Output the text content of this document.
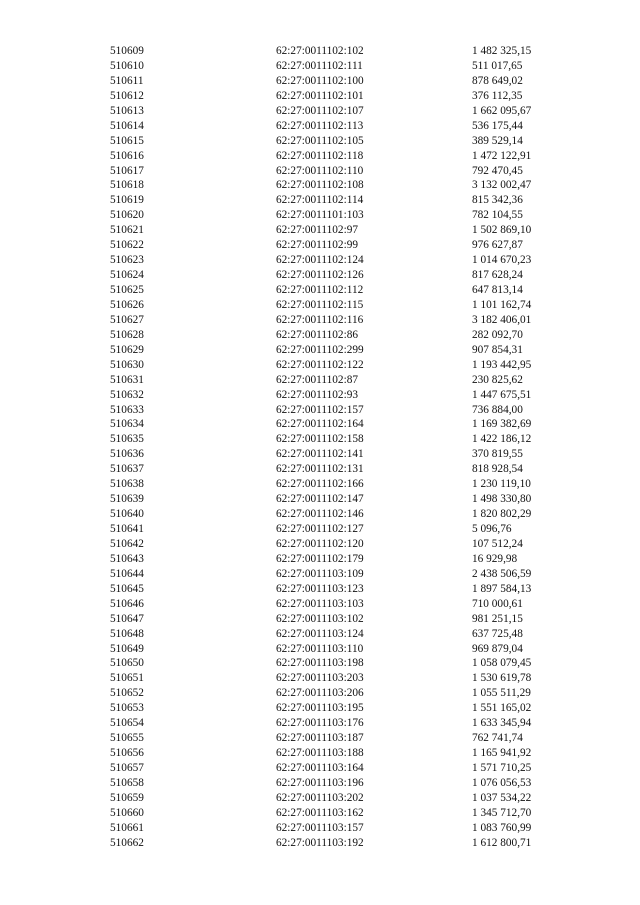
510609	62:27:0011102:102	1 482 325,15
510610	62:27:0011102:111	511 017,65
510611	62:27:0011102:100	878 649,02
510612	62:27:0011102:101	376 112,35
510613	62:27:0011102:107	1 662 095,67
510614	62:27:0011102:113	536 175,44
510615	62:27:0011102:105	389 529,14
510616	62:27:0011102:118	1 472 122,91
510617	62:27:0011102:110	792 470,45
510618	62:27:0011102:108	3 132 002,47
510619	62:27:0011102:114	815 342,36
510620	62:27:0011101:103	782 104,55
510621	62:27:0011102:97	1 502 869,10
510622	62:27:0011102:99	976 627,87
510623	62:27:0011102:124	1 014 670,23
510624	62:27:0011102:126	817 628,24
510625	62:27:0011102:112	647 813,14
510626	62:27:0011102:115	1 101 162,74
510627	62:27:0011102:116	3 182 406,01
510628	62:27:0011102:86	282 092,70
510629	62:27:0011102:299	907 854,31
510630	62:27:0011102:122	1 193 442,95
510631	62:27:0011102:87	230 825,62
510632	62:27:0011102:93	1 447 675,51
510633	62:27:0011102:157	736 884,00
510634	62:27:0011102:164	1 169 382,69
510635	62:27:0011102:158	1 422 186,12
510636	62:27:0011102:141	370 819,55
510637	62:27:0011102:131	818 928,54
510638	62:27:0011102:166	1 230 119,10
510639	62:27:0011102:147	1 498 330,80
510640	62:27:0011102:146	1 820 802,29
510641	62:27:0011102:127	5 096,76
510642	62:27:0011102:120	107 512,24
510643	62:27:0011102:179	16 929,98
510644	62:27:0011103:109	2 438 506,59
510645	62:27:0011103:123	1 897 584,13
510646	62:27:0011103:103	710 000,61
510647	62:27:0011103:102	981 251,15
510648	62:27:0011103:124	637 725,48
510649	62:27:0011103:110	969 879,04
510650	62:27:0011103:198	1 058 079,45
510651	62:27:0011103:203	1 530 619,78
510652	62:27:0011103:206	1 055 511,29
510653	62:27:0011103:195	1 551 165,02
510654	62:27:0011103:176	1 633 345,94
510655	62:27:0011103:187	762 741,74
510656	62:27:0011103:188	1 165 941,92
510657	62:27:0011103:164	1 571 710,25
510658	62:27:0011103:196	1 076 056,53
510659	62:27:0011103:202	1 037 534,22
510660	62:27:0011103:162	1 345 712,70
510661	62:27:0011103:157	1 083 760,99
510662	62:27:0011103:192	1 612 800,71
